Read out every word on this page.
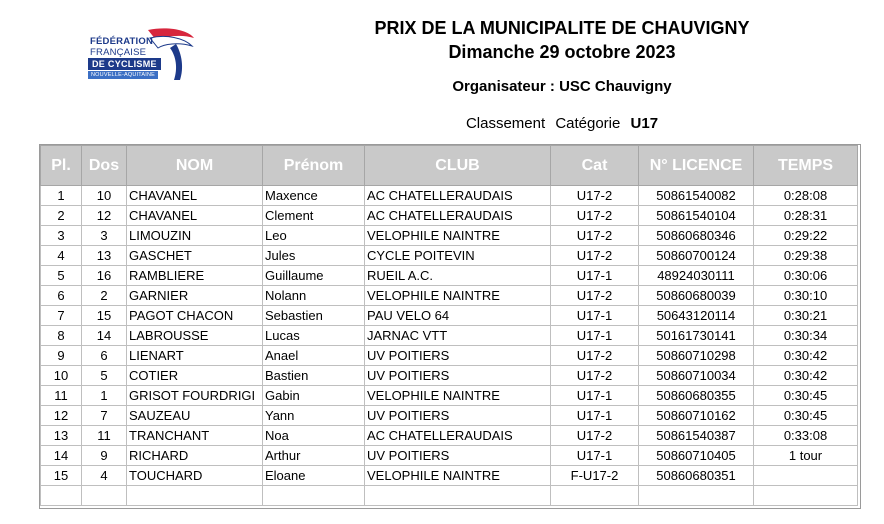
FÉDÉRATION
FRANÇAISE
DE CYCLISME
NOUVELLE-AQUITAINE
PRIX DE LA MUNICIPALITE DE CHAUVIGNY
Dimanche 29 octobre 2023
Organisateur : USC Chauvigny
Classement Catégorie U17
Pl.	Dos	NOM	Prénom	CLUB	Cat	N° LICENCE	TEMPS
1	10	CHAVANEL	Maxence	AC CHATELLERAUDAIS	U17-2	50861540082	0:28:08
2	12	CHAVANEL	Clement	AC CHATELLERAUDAIS	U17-2	50861540104	0:28:31
3	3	LIMOUZIN	Leo	VELOPHILE NAINTRE	U17-2	50860680346	0:29:22
4	13	GASCHET	Jules	CYCLE POITEVIN	U17-2	50860700124	0:29:38
5	16	RAMBLIERE	Guillaume	RUEIL A.C.	U17-1	48924030111	0:30:06
6	2	GARNIER	Nolann	VELOPHILE NAINTRE	U17-2	50860680039	0:30:10
7	15	PAGOT CHACON	Sebastien	PAU VELO 64	U17-1	50643120114	0:30:21
8	14	LABROUSSE	Lucas	JARNAC VTT	U17-1	50161730141	0:30:34
9	6	LIENART	Anael	UV POITIERS	U17-2	50860710298	0:30:42
10	5	COTIER	Bastien	UV POITIERS	U17-2	50860710034	0:30:42
11	1	GRISOT FOURDRIGI	Gabin	VELOPHILE NAINTRE	U17-1	50860680355	0:30:45
12	7	SAUZEAU	Yann	UV POITIERS	U17-1	50860710162	0:30:45
13	11	TRANCHANT	Noa	AC CHATELLERAUDAIS	U17-2	50861540387	0:33:08
14	9	RICHARD	Arthur	UV POITIERS	U17-1	50860710405	1 tour
15	4	TOUCHARD	Eloane	VELOPHILE NAINTRE	F-U17-2	50860680351	
